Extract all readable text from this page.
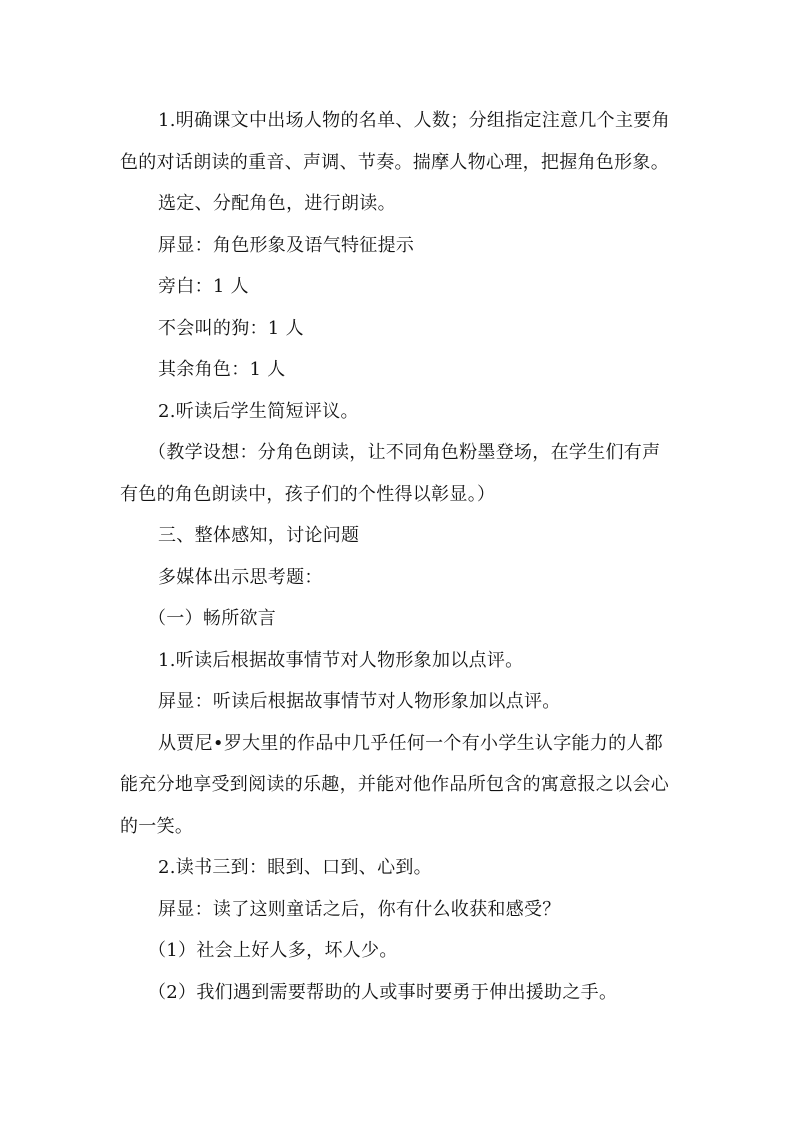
1.明确课文中出场人物的名单、人数；分组指定注意几个主要角
色的对话朗读的重音、声调、节奏。揣摩人物心理，把握角色形象。
选定、分配角色，进行朗读。
屏显：角色形象及语气特征提示
旁白：1 人
不会叫的狗：1 人
其余角色：1 人
2.听读后学生简短评议。
（教学设想：分角色朗读，让不同角色粉墨登场，在学生们有声
有色的角色朗读中，孩子们的个性得以彰显。）
三、整体感知，讨论问题
多媒体出示思考题：
（一）畅所欲言
1.听读后根据故事情节对人物形象加以点评。
屏显：听读后根据故事情节对人物形象加以点评。
从贾尼•罗大里的作品中几乎任何一个有小学生认字能力的人都
能充分地享受到阅读的乐趣，并能对他作品所包含的寓意报之以会心
的一笑。
2.读书三到：眼到、口到、心到。
屏显：读了这则童话之后，你有什么收获和感受？
（1）社会上好人多，坏人少。
（2）我们遇到需要帮助的人或事时要勇于伸出援助之手。
